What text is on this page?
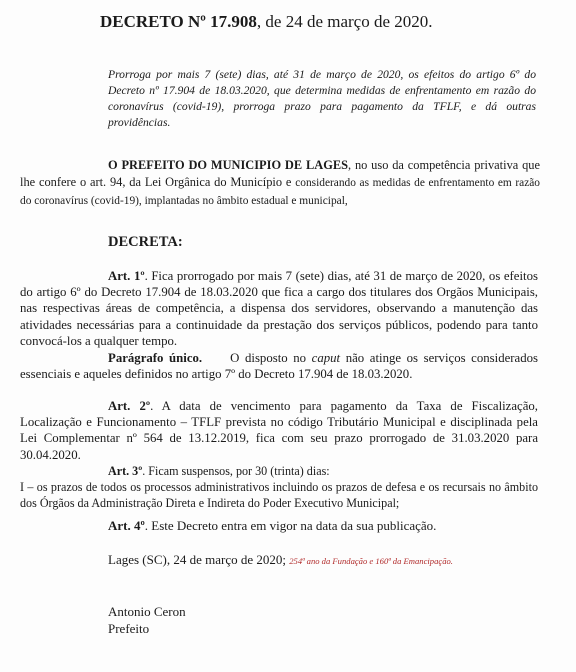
DECRETO Nº 17.908, de 24 de março de 2020.
Prorroga por mais 7 (sete) dias, até 31 de março de 2020, os efeitos do artigo 6º do Decreto nº 17.904 de 18.03.2020, que determina medidas de enfrentamento em razão do coronavírus (covid-19), prorroga prazo para pagamento da TFLF, e dá outras providências.
O PREFEITO DO MUNICIPIO DE LAGES, no uso da competência privativa que lhe confere o art. 94, da Lei Orgânica do Município e considerando as medidas de enfrentamento em razão do coronavírus (covid-19), implantadas no âmbito estadual e municipal,
DECRETA:
Art. 1º. Fica prorrogado por mais 7 (sete) dias, até 31 de março de 2020, os efeitos do artigo 6º do Decreto 17.904 de 18.03.2020 que fica a cargo dos titulares dos Orgãos Municipais, nas respectivas áreas de competência, a dispensa dos servidores, observando a manutenção das atividades necessárias para a continuidade da prestação dos serviços públicos, podendo para tanto convocá-los a qualquer tempo.
Parágrafo único.     O disposto no caput não atinge os serviços considerados essenciais e aqueles definidos no artigo 7º do Decreto 17.904 de 18.03.2020.
Art. 2º. A data de vencimento para pagamento da Taxa de Fiscalização, Localização e Funcionamento – TFLF prevista no código Tributário Municipal e disciplinada pela Lei Complementar nº 564 de 13.12.2019, fica com seu prazo prorrogado de 31.03.2020 para 30.04.2020.
Art. 3º. Ficam suspensos, por 30 (trinta) dias:
I – os prazos de todos os processos administrativos incluindo os prazos de defesa e os recursais no âmbito dos Órgãos da Administração Direta e Indireta do Poder Executivo Municipal;
Art. 4º. Este Decreto entra em vigor na data da sua publicação.
Lages (SC), 24 de março de 2020; 254ª ano da Fundação e 160ª da Emancipação.
Antonio Ceron
Prefeito
